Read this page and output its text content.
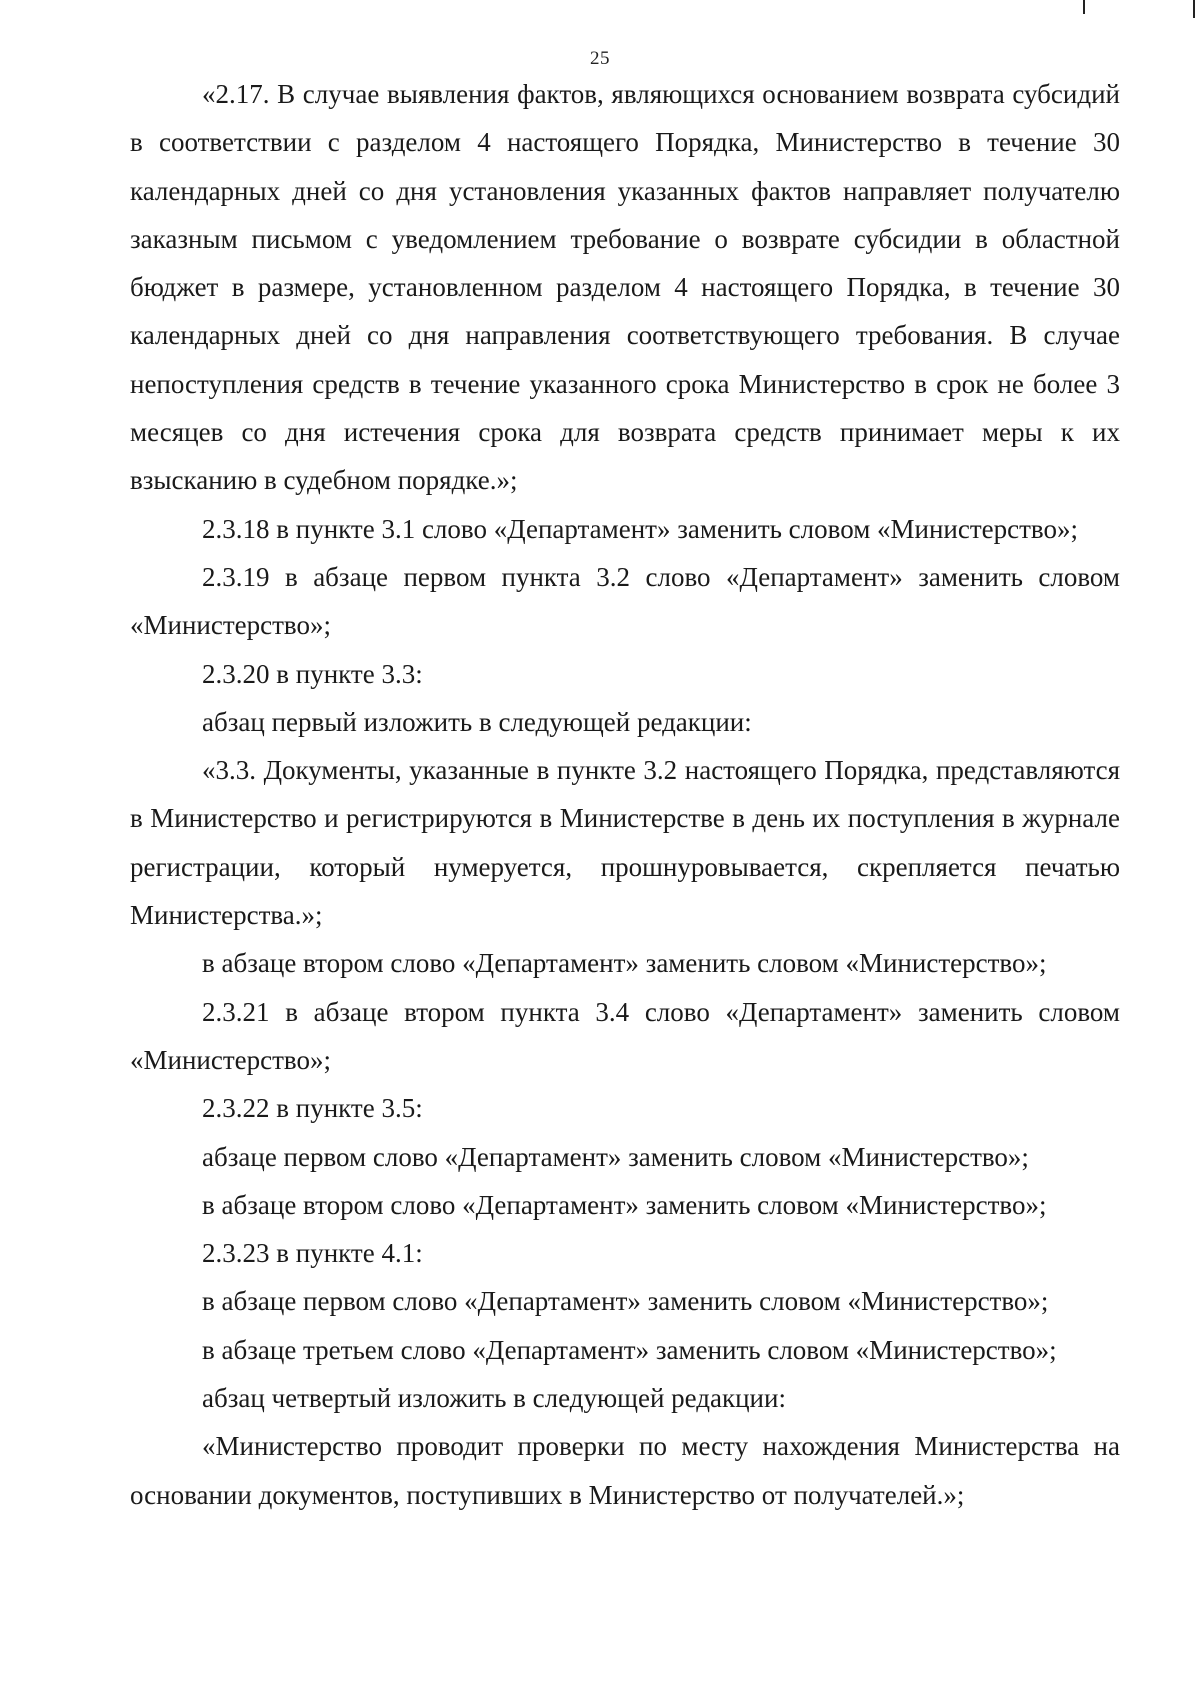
25

«2.17. В случае выявления фактов, являющихся основанием возврата субсидий в соответствии с разделом 4 настоящего Порядка, Министерство в течение 30 календарных дней со дня установления указанных фактов направляет получателю заказным письмом с уведомлением требование о возврате субсидии в областной бюджет в размере, установленном разделом 4 настоящего Порядка, в течение 30 календарных дней со дня направления соответствующего требования. В случае непоступления средств в течение указанного срока Министерство в срок не более 3 месяцев со дня истечения срока для возврата средств принимает меры к их взысканию в судебном порядке.»;

2.3.18 в пункте 3.1 слово «Департамент» заменить словом «Министерство»;

2.3.19 в абзаце первом пункта 3.2 слово «Департамент» заменить словом «Министерство»;

2.3.20 в пункте 3.3:

абзац первый изложить в следующей редакции:

«3.3. Документы, указанные в пункте 3.2 настоящего Порядка, представляются в Министерство и регистрируются в Министерстве в день их поступления в журнале регистрации, который нумеруется, прошнуровывается, скрепляется печатью Министерства.»;

в абзаце втором слово «Департамент» заменить словом «Министерство»;

2.3.21 в абзаце втором пункта 3.4 слово «Департамент» заменить словом «Министерство»;

2.3.22 в пункте 3.5:

абзаце первом слово «Департамент» заменить словом «Министерство»;

в абзаце втором слово «Департамент» заменить словом «Министерство»;

2.3.23 в пункте 4.1:

в абзаце первом слово «Департамент» заменить словом «Министерство»;

в абзаце третьем слово «Департамент» заменить словом «Министерство»;

абзац четвертый изложить в следующей редакции:

«Министерство проводит проверки по месту нахождения Министерства на основании документов, поступивших в Министерство от получателей.»;
